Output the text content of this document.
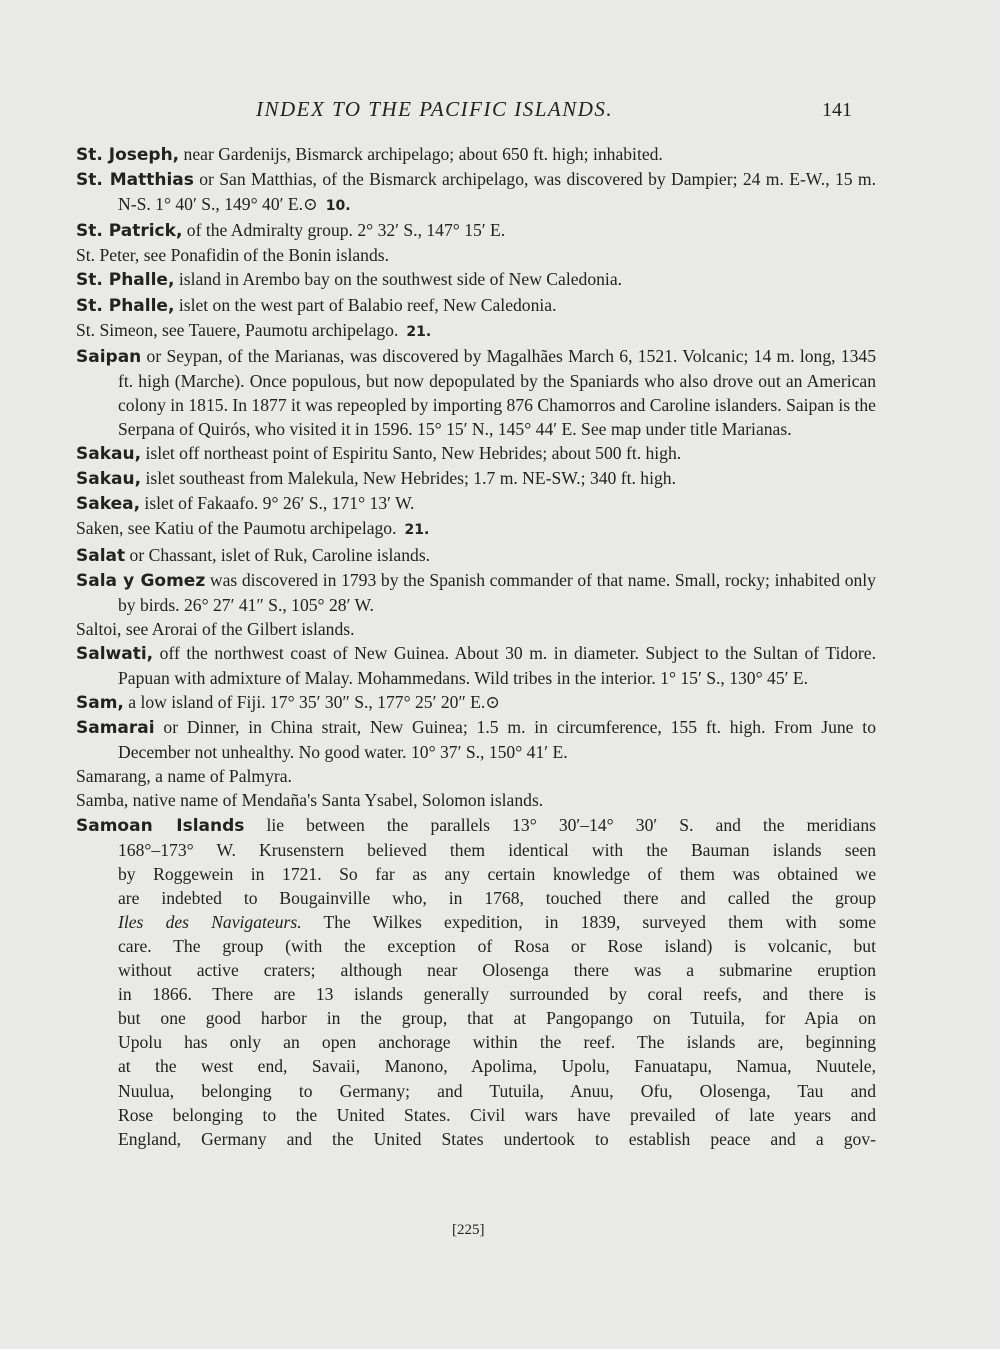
INDEX TO THE PACIFIC ISLANDS.	141

St. Joseph, near Gardenijs, Bismarck archipelago; about 650 ft. high; inhabited.

St. Matthias or San Matthias, of the Bismarck archipelago, was discovered by Dampier; 24 m. E-W., 15 m. N-S. 1° 40′ S., 149° 40′ E.⊙ 10.

St. Patrick, of the Admiralty group. 2° 32′ S., 147° 15′ E.

St. Peter, see Ponafidin of the Bonin islands.

St. Phalle, island in Arembo bay on the southwest side of New Caledonia.

St. Phalle, islet on the west part of Balabio reef, New Caledonia.

St. Simeon, see Tauere, Paumotu archipelago. 21.

Saipan or Seypan, of the Marianas, was discovered by Magalhães March 6, 1521. Volcanic; 14 m. long, 1345 ft. high (Marche). Once populous, but now depopulated by the Spaniards who also drove out an American colony in 1815. In 1877 it was repeopled by importing 876 Chamorros and Caroline islanders. Saipan is the Serpana of Quirós, who visited it in 1596. 15° 15′ N., 145° 44′ E. See map under title Marianas.

Sakau, islet off northeast point of Espiritu Santo, New Hebrides; about 500 ft. high.

Sakau, islet southeast from Malekula, New Hebrides; 1.7 m. NE-SW.; 340 ft. high.

Sakea, islet of Fakaafo. 9° 26′ S., 171° 13′ W.

Saken, see Katiu of the Paumotu archipelago. 21.

Salat or Chassant, islet of Ruk, Caroline islands.

Sala y Gomez was discovered in 1793 by the Spanish commander of that name. Small, rocky; inhabited only by birds. 26° 27′ 41″ S., 105° 28′ W.

Saltoi, see Arorai of the Gilbert islands.

Salwati, off the northwest coast of New Guinea. About 30 m. in diameter. Subject to the Sultan of Tidore. Papuan with admixture of Malay. Mohammedans. Wild tribes in the interior. 1° 15′ S., 130° 45′ E.

Sam, a low island of Fiji. 17° 35′ 30″ S., 177° 25′ 20″ E.⊙

Samarai or Dinner, in China strait, New Guinea; 1.5 m. in circumference, 155 ft. high. From June to December not unhealthy. No good water. 10° 37′ S., 150° 41′ E.

Samarang, a name of Palmyra.

Samba, native name of Mendaña's Santa Ysabel, Solomon islands.

Samoan Islands lie between the parallels 13° 30′–14° 30′ S. and the meridians
168°–173° W. Krusenstern believed them identical with the Bauman islands seen
by Roggewein in 1721. So far as any certain knowledge of them was obtained we
are indebted to Bougainville who, in 1768, touched there and called the group
Iles des Navigateurs. The Wilkes expedition, in 1839, surveyed them with some
care. The group (with the exception of Rosa or Rose island) is volcanic, but
without active craters; although near Olosenga there was a submarine eruption
in 1866. There are 13 islands generally surrounded by coral reefs, and there is
but one good harbor in the group, that at Pangopango on Tutuila, for Apia on
Upolu has only an open anchorage within the reef. The islands are, beginning
at the west end, Savaii, Manono, Apolima, Upolu, Fanuatapu, Namua, Nuutele,
Nuulua, belonging to Germany; and Tutuila, Anuu, Ofu, Olosenga, Tau and
Rose belonging to the United States. Civil wars have prevailed of late years and
England, Germany and the United States undertook to establish peace and a gov-
[225]
